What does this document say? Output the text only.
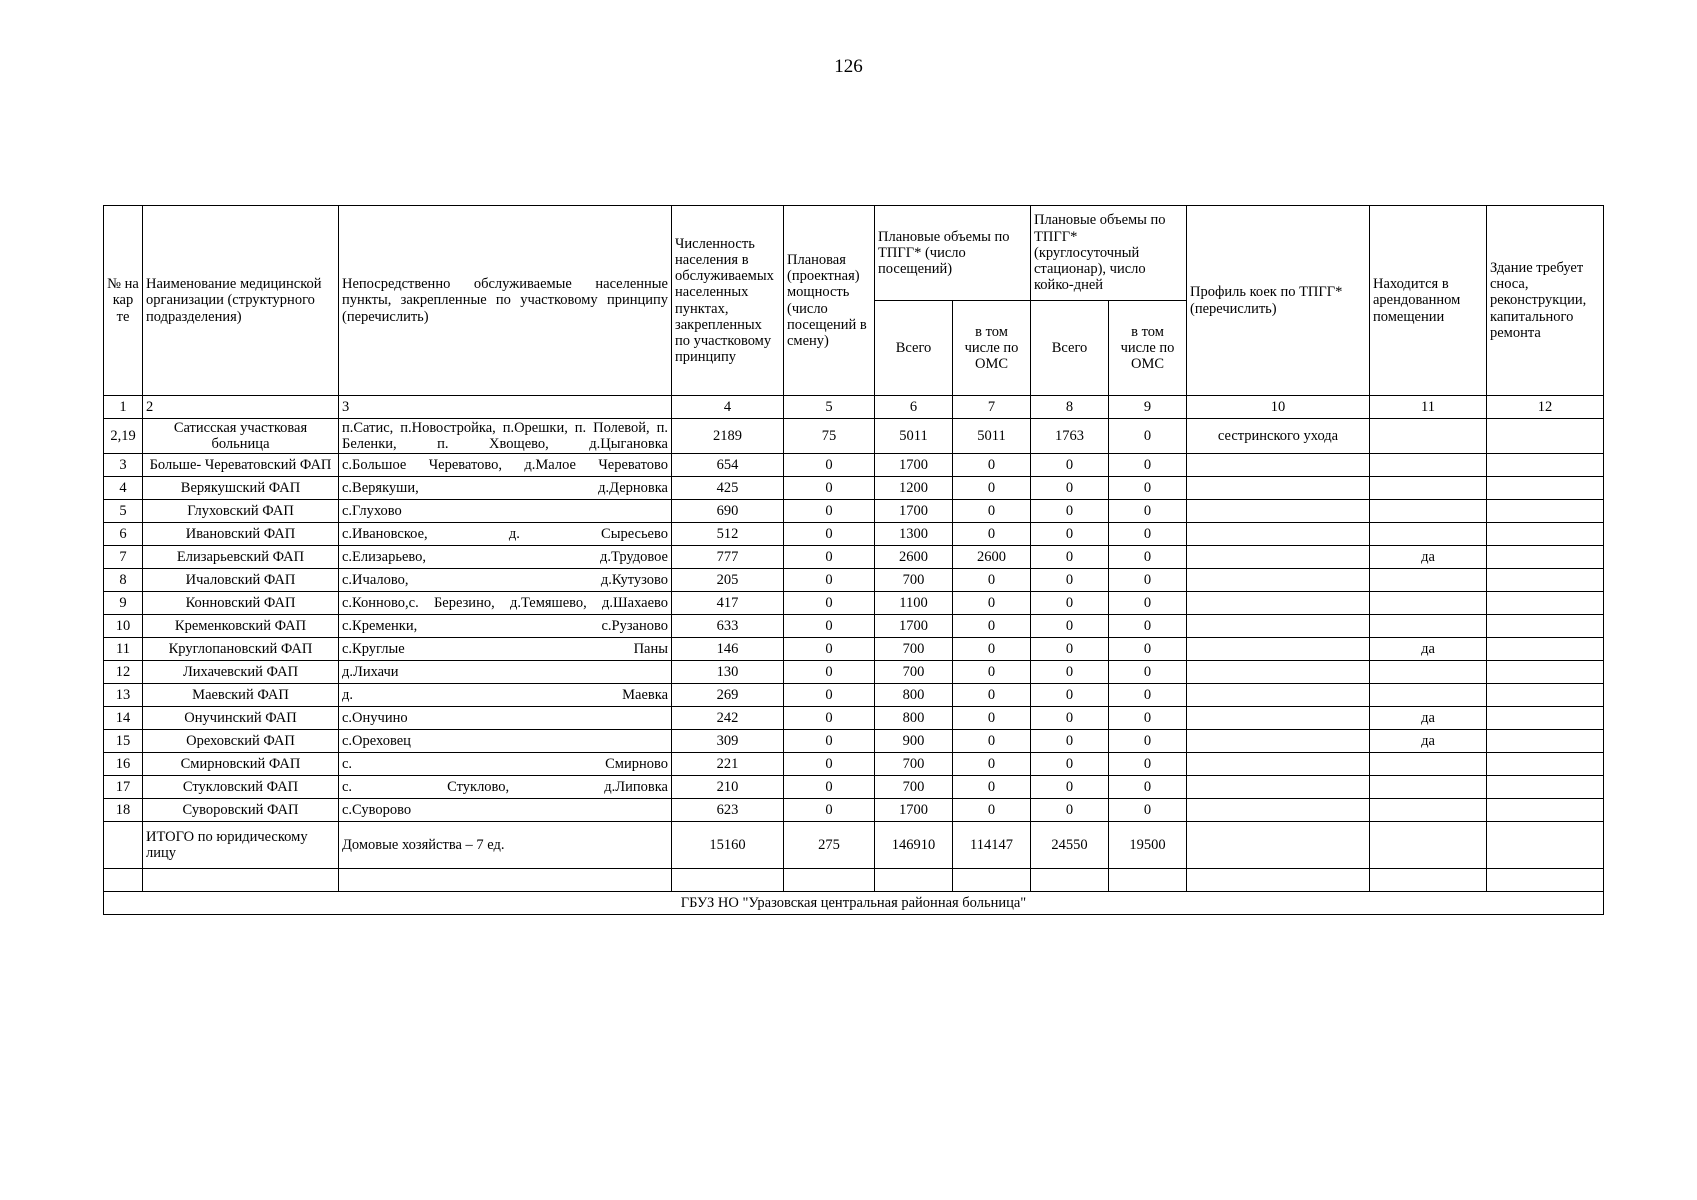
126
№ на кар те	Наименование медицинской организации (структурного подразделения)	Непосредственно обслуживаемые населенные пункты, закрепленные по участковому принципу (перечислить)	Численность населения в обслуживаемых населенных пунктах, закрепленных по участковому принципу	Плановая (проектная) мощность (число посещений в смену)	Плановые объемы по ТПГГ* (число посещений)		Плановые объемы по ТПГГ* (круглосуточный стационар), число койко-дней		Профиль коек по ТПГГ* (перечислить)	Находится в арендованном помещении	Здание требует сноса, реконструкции, капитального ремонта
					Всего	в том числе по ОМС	Всего	в том числе по ОМС			
1	2	3	4	5	6	7	8	9	10	11	12
2,19	Сатисская участковая больница	п.Сатис, п.Новостройка, п.Орешки, п. Полевой, п. Беленки, п. Хвощево, д.Цыгановка	2189	75	5011	5011	1763	0	сестринского ухода		
3	Больше- Череватовский ФАП	с.Большое Череватово, д.Малое Череватово	654	0	1700	0	0	0			
4	Верякушский ФАП	с.Верякуши, д.Дерновка	425	0	1200	0	0	0			
5	Глуховский ФАП	с.Глухово	690	0	1700	0	0	0			
6	Ивановский ФАП	с.Ивановское, д. Сыресьево	512	0	1300	0	0	0			
7	Елизарьевский ФАП	с.Елизарьево, д.Трудовое	777	0	2600	2600	0	0		да	
8	Ичаловский ФАП	с.Ичалово, д.Кутузово	205	0	700	0	0	0			
9	Конновский ФАП	с.Конново,с. Березино, д.Темяшево, д.Шахаево	417	0	1100	0	0	0			
10	Кременковский ФАП	с.Кременки, с.Рузаново	633	0	1700	0	0	0			
11	Круглопановский ФАП	с.Круглые Паны	146	0	700	0	0	0		да	
12	Лихачевский ФАП	д.Лихачи	130	0	700	0	0	0			
13	Маевский ФАП	д. Маевка	269	0	800	0	0	0			
14	Онучинский ФАП	с.Онучино	242	0	800	0	0	0		да	
15	Ореховский ФАП	с.Ореховец	309	0	900	0	0	0		да	
16	Смирновский ФАП	с. Смирново	221	0	700	0	0	0			
17	Стукловский ФАП	с. Стуклово, д.Липовка	210	0	700	0	0	0			
18	Суворовский ФАП	с.Суворово	623	0	1700	0	0	0			
	ИТОГО по юридическому лицу	Домовые хозяйства – 7 ед.	15160	275	146910	114147	24550	19500			

ГБУЗ НО "Уразовская центральная районная больница"											
